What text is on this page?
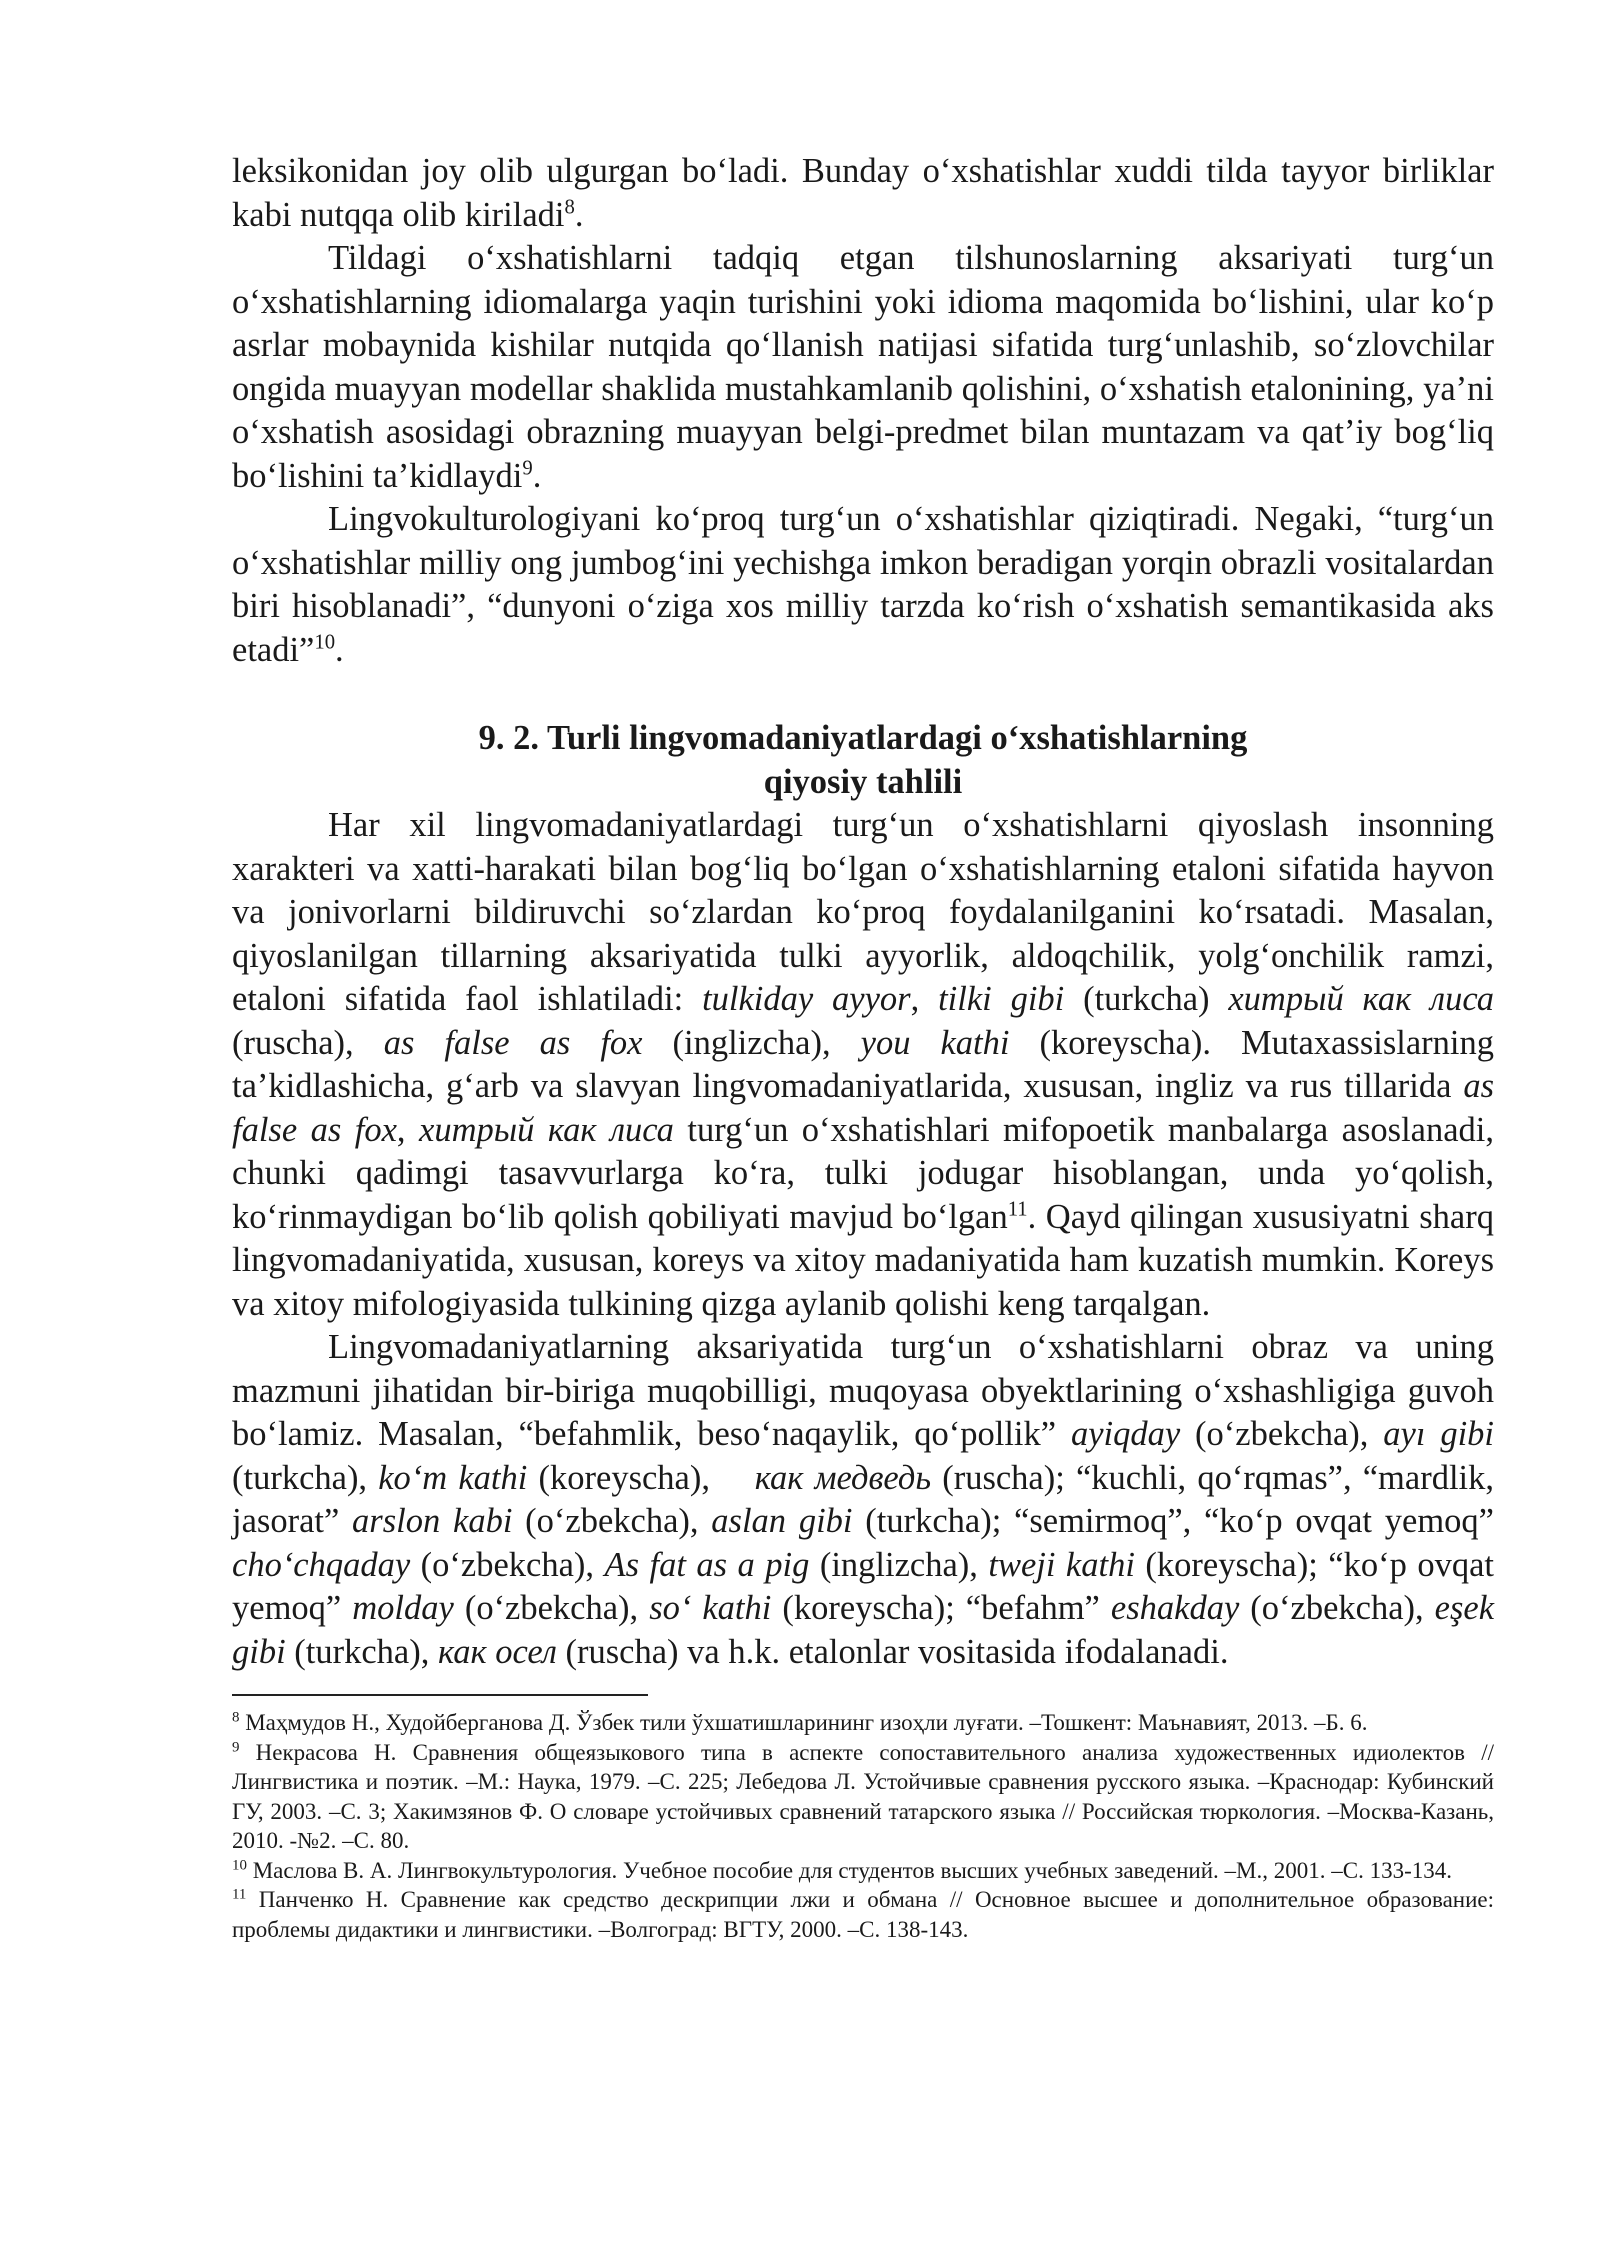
leksikonidan joy olib ulgurgan bo‘ladi. Bunday o‘xshatishlar xuddi tilda tayyor birliklar kabi nutqqa olib kiriladi$^8$.

Tildagi o‘xshatishlarni tadqiq etgan tilshunoslarning aksariyati turg‘un o‘xshatishlarning idiomalarga yaqin turishini yoki idioma maqomida bo‘lishini, ular ko‘p asrlar mobaynida kishilar nutqida qo‘llanish natijasi sifatida turg‘unlashib, so‘zlovchilar ongida muayyan modellar shaklida mustahkamlanib qolishini, o‘xshatish etalonining, ya’ni o‘xshatish asosidagi obrazning muayyan belgi-predmet bilan muntazam va qat’iy bog‘liq bo‘lishini ta’kidlaydi$^9$.

Lingvokulturologiyani ko‘proq turg‘un o‘xshatishlar qiziqtiradi. Negaki, “turg‘un o‘xshatishlar milliy ong jumbog‘ini yechishga imkon beradigan yorqin obrazli vositalardan biri hisoblanadi”, “dunyoni o‘ziga xos milliy tarzda ko‘rish o‘xshatish semantikasida aks etadi”$^{10}$.

9. 2. Turli lingvomadaniyatlardagi o‘xshatishlarning
qiyosiy tahlili

Har xil lingvomadaniyatlardagi turg‘un o‘xshatishlarni qiyoslash insonning xarakteri va xatti-harakati bilan bog‘liq bo‘lgan o‘xshatishlarning etaloni sifatida hayvon va jonivorlarni bildiruvchi so‘zlardan ko‘proq foydalanilganini ko‘rsatadi. Masalan, qiyoslanilgan tillarning aksariyatida tulki ayyorlik, aldoqchilik, yolg‘onchilik ramzi, etaloni sifatida faol ishlatiladi: tulkiday ayyor, tilki gibi (turkcha) хитрый как лиса (ruscha), as false as fox (inglizcha), you kathi (koreyscha). Mutaxassislarning ta’kidlashicha, g‘arb va slavyan lingvomadaniyatlarida, xususan, ingliz va rus tillarida as false as fox, хитрый как лиса turg‘un o‘xshatishlari mifopoetik manbalarga asoslanadi, chunki qadimgi tasavvurlarga ko‘ra, tulki jodugar hisoblangan, unda yo‘qolish, ko‘rinmaydigan bo‘lib qolish qobiliyati mavjud bo‘lgan$^{11}$. Qayd qilingan xususiyatni sharq lingvomadaniyatida, xususan, koreys va xitoy madaniyatida ham kuzatish mumkin. Koreys va xitoy mifologiyasida tulkining qizga aylanib qolishi keng tarqalgan.

Lingvomadaniyatlarning aksariyatida turg‘un o‘xshatishlarni obraz va uning mazmuni jihatidan bir-biriga muqobilligi, muqoyasa obyektlarining o‘xshashligiga guvoh bo‘lamiz. Masalan, “befahmlik, beso‘naqaylik, qo‘pollik” ayiqday (o‘zbekcha), ayı gibi (turkcha), ko‘m kathi (koreyscha),    как медведь (ruscha); “kuchli, qo‘rqmas”, “mardlik, jasorat” arslon kabi (o‘zbekcha), aslan gibi (turkcha); “semirmoq”, “ko‘p ovqat yemoq” cho‘chqaday (o‘zbekcha), As fat as a pig (inglizcha), tweji kathi (koreyscha); “ko‘p ovqat yemoq” molday (o‘zbekcha), so‘ kathi (koreyscha); “befahm” eshakday (o‘zbekcha), eşek gibi (turkcha), как осел (ruscha) va h.k. etalonlar vositasida ifodalanadi.

$^8$ Маҳмудов Н., Худойберганова Д. Ўзбек тили ўхшатишларининг изоҳли луғати. –Тошкент: Маънавият, 2013. –Б. 6.

$^9$ Некрасова Н. Сравнения общеязыкового типа в аспекте сопоставительного анализа художественных идиолектов // Лингвистика и поэтик. –М.: Наука, 1979. –С. 225; Лебедова Л. Устойчивые сравнения русского языка. –Краснодар: Кубинский ГУ, 2003. –С. 3; Хакимзянов Ф. О словаре устойчивых сравнений татарского языка // Российская тюркология. –Москва-Казань, 2010. -№2. –С. 80.

$^{10}$ Маслова В. А. Лингвокультурология. Учебное пособие для студентов высших учебных заведений. –М., 2001. –С. 133-134.

$^{11}$ Панченко Н. Сравнение как средство дескрипции лжи и обмана // Основное высшее и дополнительное образование: проблемы дидактики и лингвистики. –Волгоград: ВГТУ, 2000. –С. 138-143.
